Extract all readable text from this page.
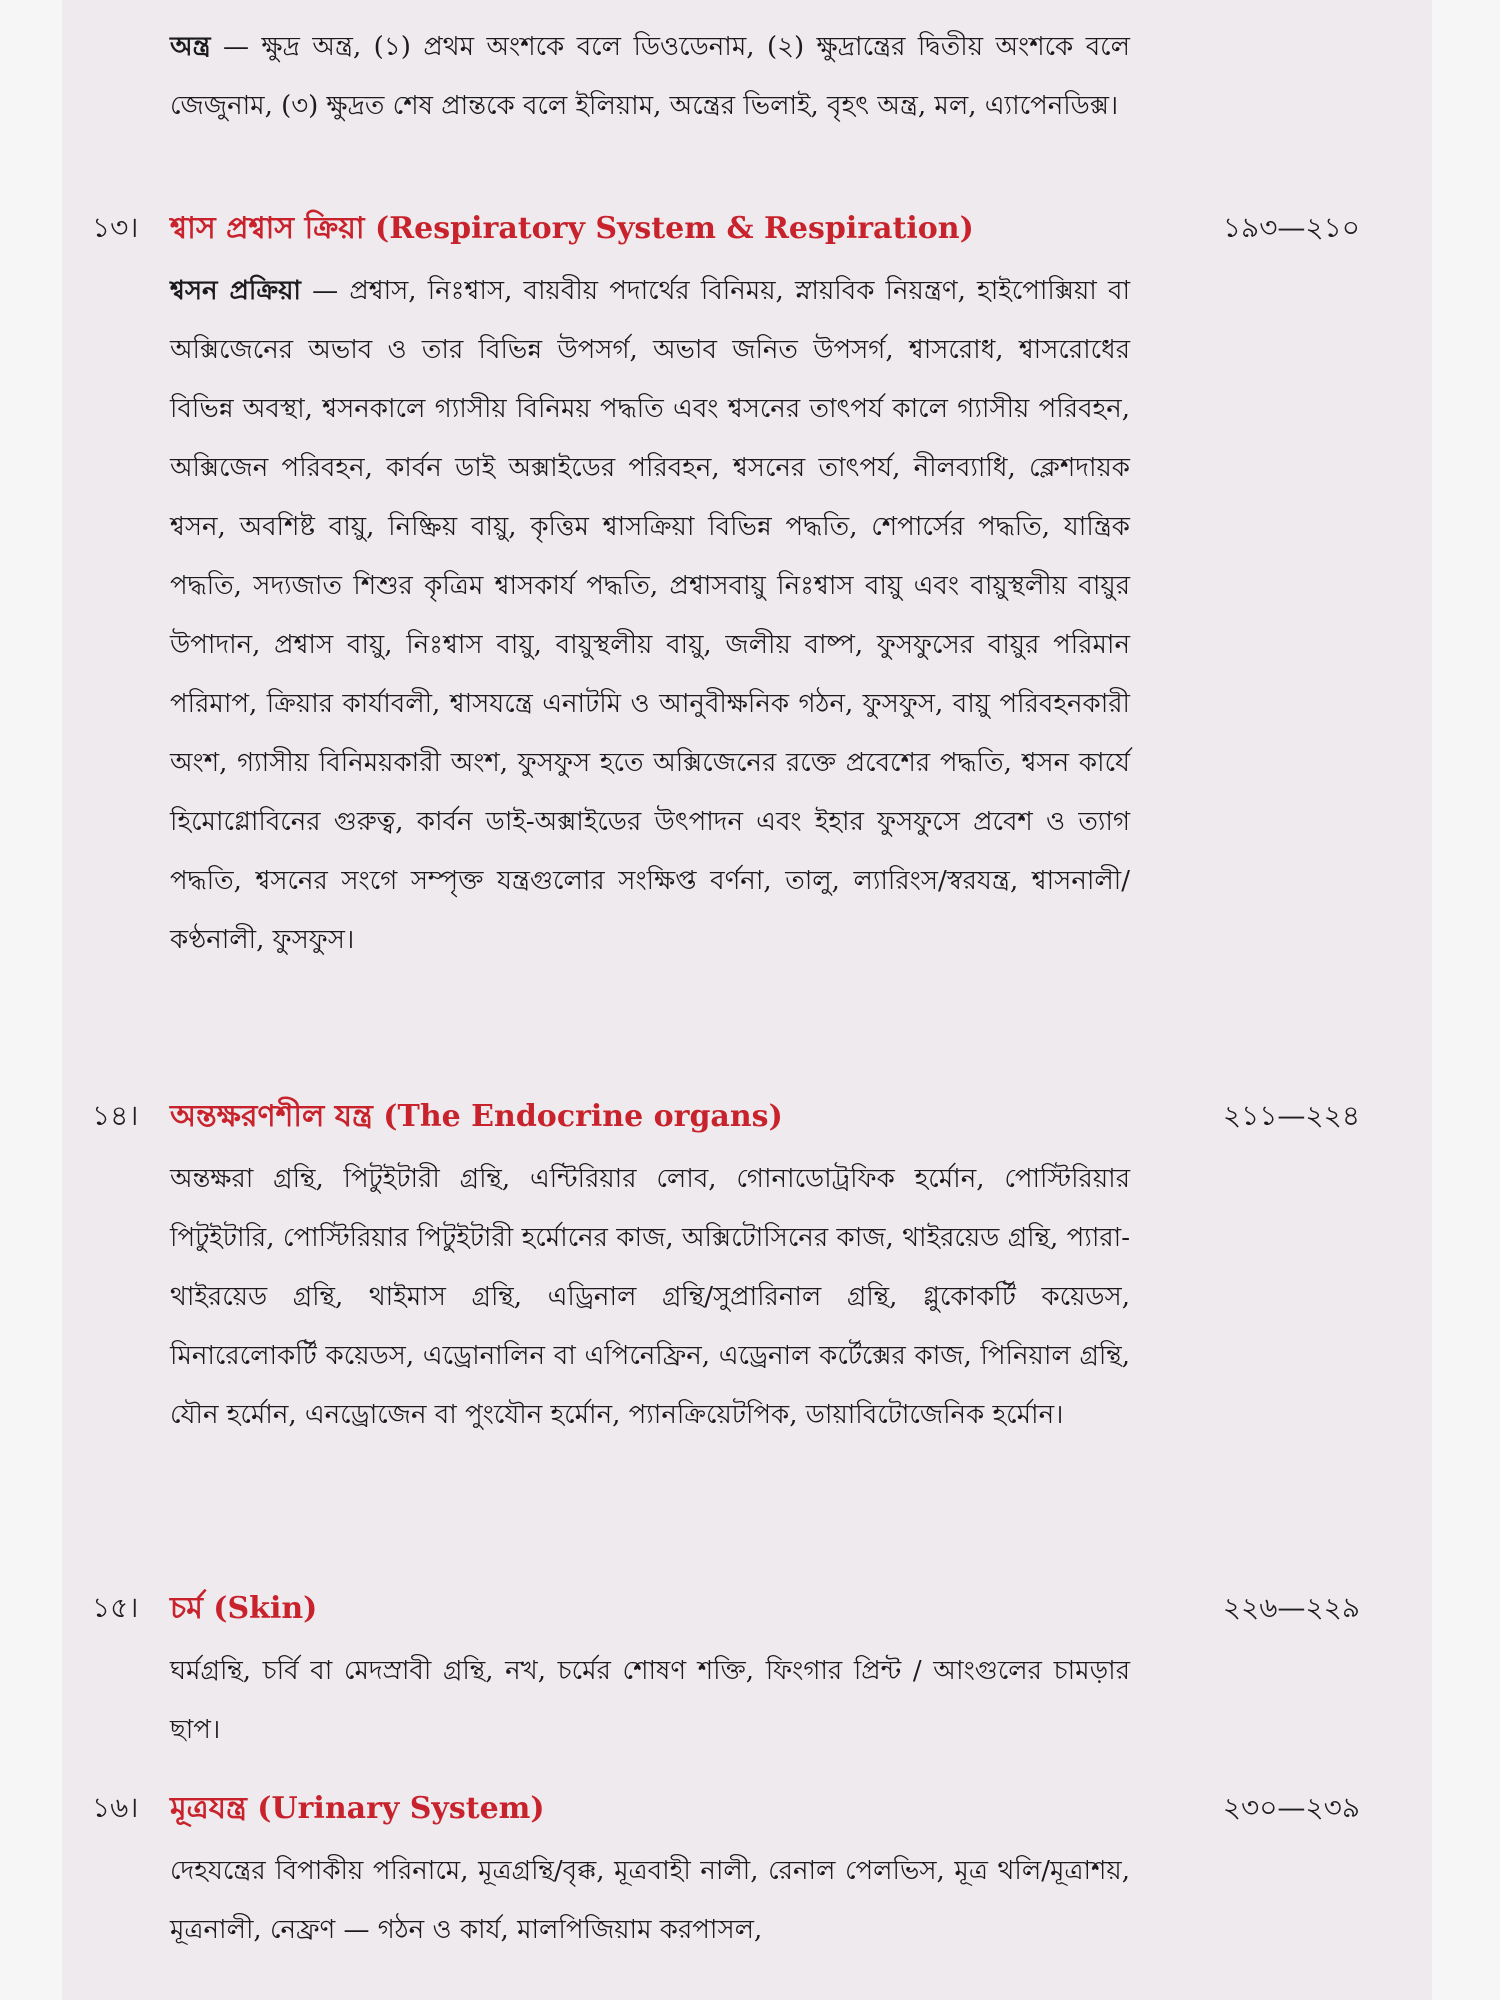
অন্ত্র — ক্ষুদ্র অন্ত্র, (১) প্রথম অংশকে বলে ডিওডেনাম, (২) ক্ষুদ্রান্ত্রের দ্বিতীয় অংশকে বলে জেজুনাম, (৩) ক্ষুদ্রত শেষ প্রান্তকে বলে ইলিয়াম, অন্ত্রের ভিলাই, বৃহৎ অন্ত্র, মল, এ্যাপেনডিক্স।
১৩। শ্বাস প্রশ্বাস ক্রিয়া (Respiratory System & Respiration)	১৯৩—২১০
শ্বসন প্রক্রিয়া — প্রশ্বাস, নিঃশ্বাস, বায়বীয় পদার্থের বিনিময়, স্নায়বিক নিয়ন্ত্রণ, হাইপোক্সিয়া বা অক্সিজেনের অভাব ও তার বিভিন্ন উপসর্গ, অভাব জনিত উপসর্গ, শ্বাসরোধ, শ্বাসরোধের বিভিন্ন অবস্থা, শ্বসনকালে গ্যাসীয় বিনিময় পদ্ধতি এবং শ্বসনের তাৎপর্য কালে গ্যাসীয় পরিবহন, অক্সিজেন পরিবহন, কার্বন ডাই অক্সাইডের পরিবহন, শ্বসনের তাৎপর্য, নীলব্যাধি, ক্লেশদায়ক শ্বসন, অবশিষ্ট বায়ু, নিষ্ক্রিয় বায়ু, কৃত্তিম শ্বাসক্রিয়া বিভিন্ন পদ্ধতি, শেপার্সের পদ্ধতি, যান্ত্রিক পদ্ধতি, সদ্যজাত শিশুর কৃত্রিম শ্বাসকার্য পদ্ধতি, প্রশ্বাসবায়ু নিঃশ্বাস বায়ু এবং বায়ুস্থলীয় বায়ুর উপাদান, প্রশ্বাস বায়ু, নিঃশ্বাস বায়ু, বায়ুস্থলীয় বায়ু, জলীয় বাষ্প, ফুসফুসের বায়ুর পরিমান পরিমাপ, ক্রিয়ার কার্যাবলী, শ্বাসযন্ত্রে এনাটমি ও আনুবীক্ষনিক গঠন, ফুসফুস, বায়ু পরিবহনকারী অংশ, গ্যাসীয় বিনিময়কারী অংশ, ফুসফুস হতে অক্সিজেনের রক্তে প্রবেশের পদ্ধতি, শ্বসন কার্যে হিমোগ্লোবিনের গুরুত্ব, কার্বন ডাই-অক্সাইডের উৎপাদন এবং ইহার ফুসফুসে প্রবেশ ও ত্যাগ পদ্ধতি, শ্বসনের সংগে সম্পৃক্ত যন্ত্রগুলোর সংক্ষিপ্ত বর্ণনা, তালু, ল্যারিংস/স্বরযন্ত্র, শ্বাসনালী/কণ্ঠনালী, ফুসফুস।
১৪। অন্তক্ষরণশীল যন্ত্র (The Endocrine organs)	২১১—২২৪
অন্তক্ষরা গ্রন্থি, পিটুইটারী গ্রন্থি, এন্টিরিয়ার লোব, গোনাডোট্রফিক হর্মোন, পোস্টিরিয়ার পিটুইটারি, পোস্টিরিয়ার পিটুইটারী হর্মোনের কাজ, অক্সিটোসিনের কাজ, থাইরয়েড গ্রন্থি, প্যারা-থাইরয়েড গ্রন্থি, থাইমাস গ্রন্থি, এড্রিনাল গ্রন্থি/সুপ্রারিনাল গ্রন্থি, গ্লুকোকর্টি কয়েডস, মিনারেলোকর্টি কয়েডস, এড্রোনালিন বা এপিনেফ্রিন, এড্রেনাল কর্টেক্সের কাজ, পিনিয়াল গ্রন্থি, যৌন হর্মোন, এনড্রোজেন বা পুংযৌন হর্মোন, প্যানক্রিয়েটপিক, ডায়াবিটোজেনিক হর্মোন।
১৫। চর্ম (Skin)	২২৬—২২৯
ঘর্মগ্রন্থি, চর্বি বা মেদস্রাবী গ্রন্থি, নখ, চর্মের শোষণ শক্তি, ফিংগার প্রিন্ট / আংগুলের চামড়ার ছাপ।
১৬। মূত্রযন্ত্র (Urinary System)	২৩০—২৩৯
দেহযন্ত্রের বিপাকীয় পরিনামে, মূত্রগ্রন্থি/বৃক্ক, মূত্রবাহী নালী, রেনাল পেলভিস, মূত্র থলি/মূত্রাশয়, মূত্রনালী, নেফ্রণ — গঠন ও কার্য, মালপিজিয়াম করপাসল,
